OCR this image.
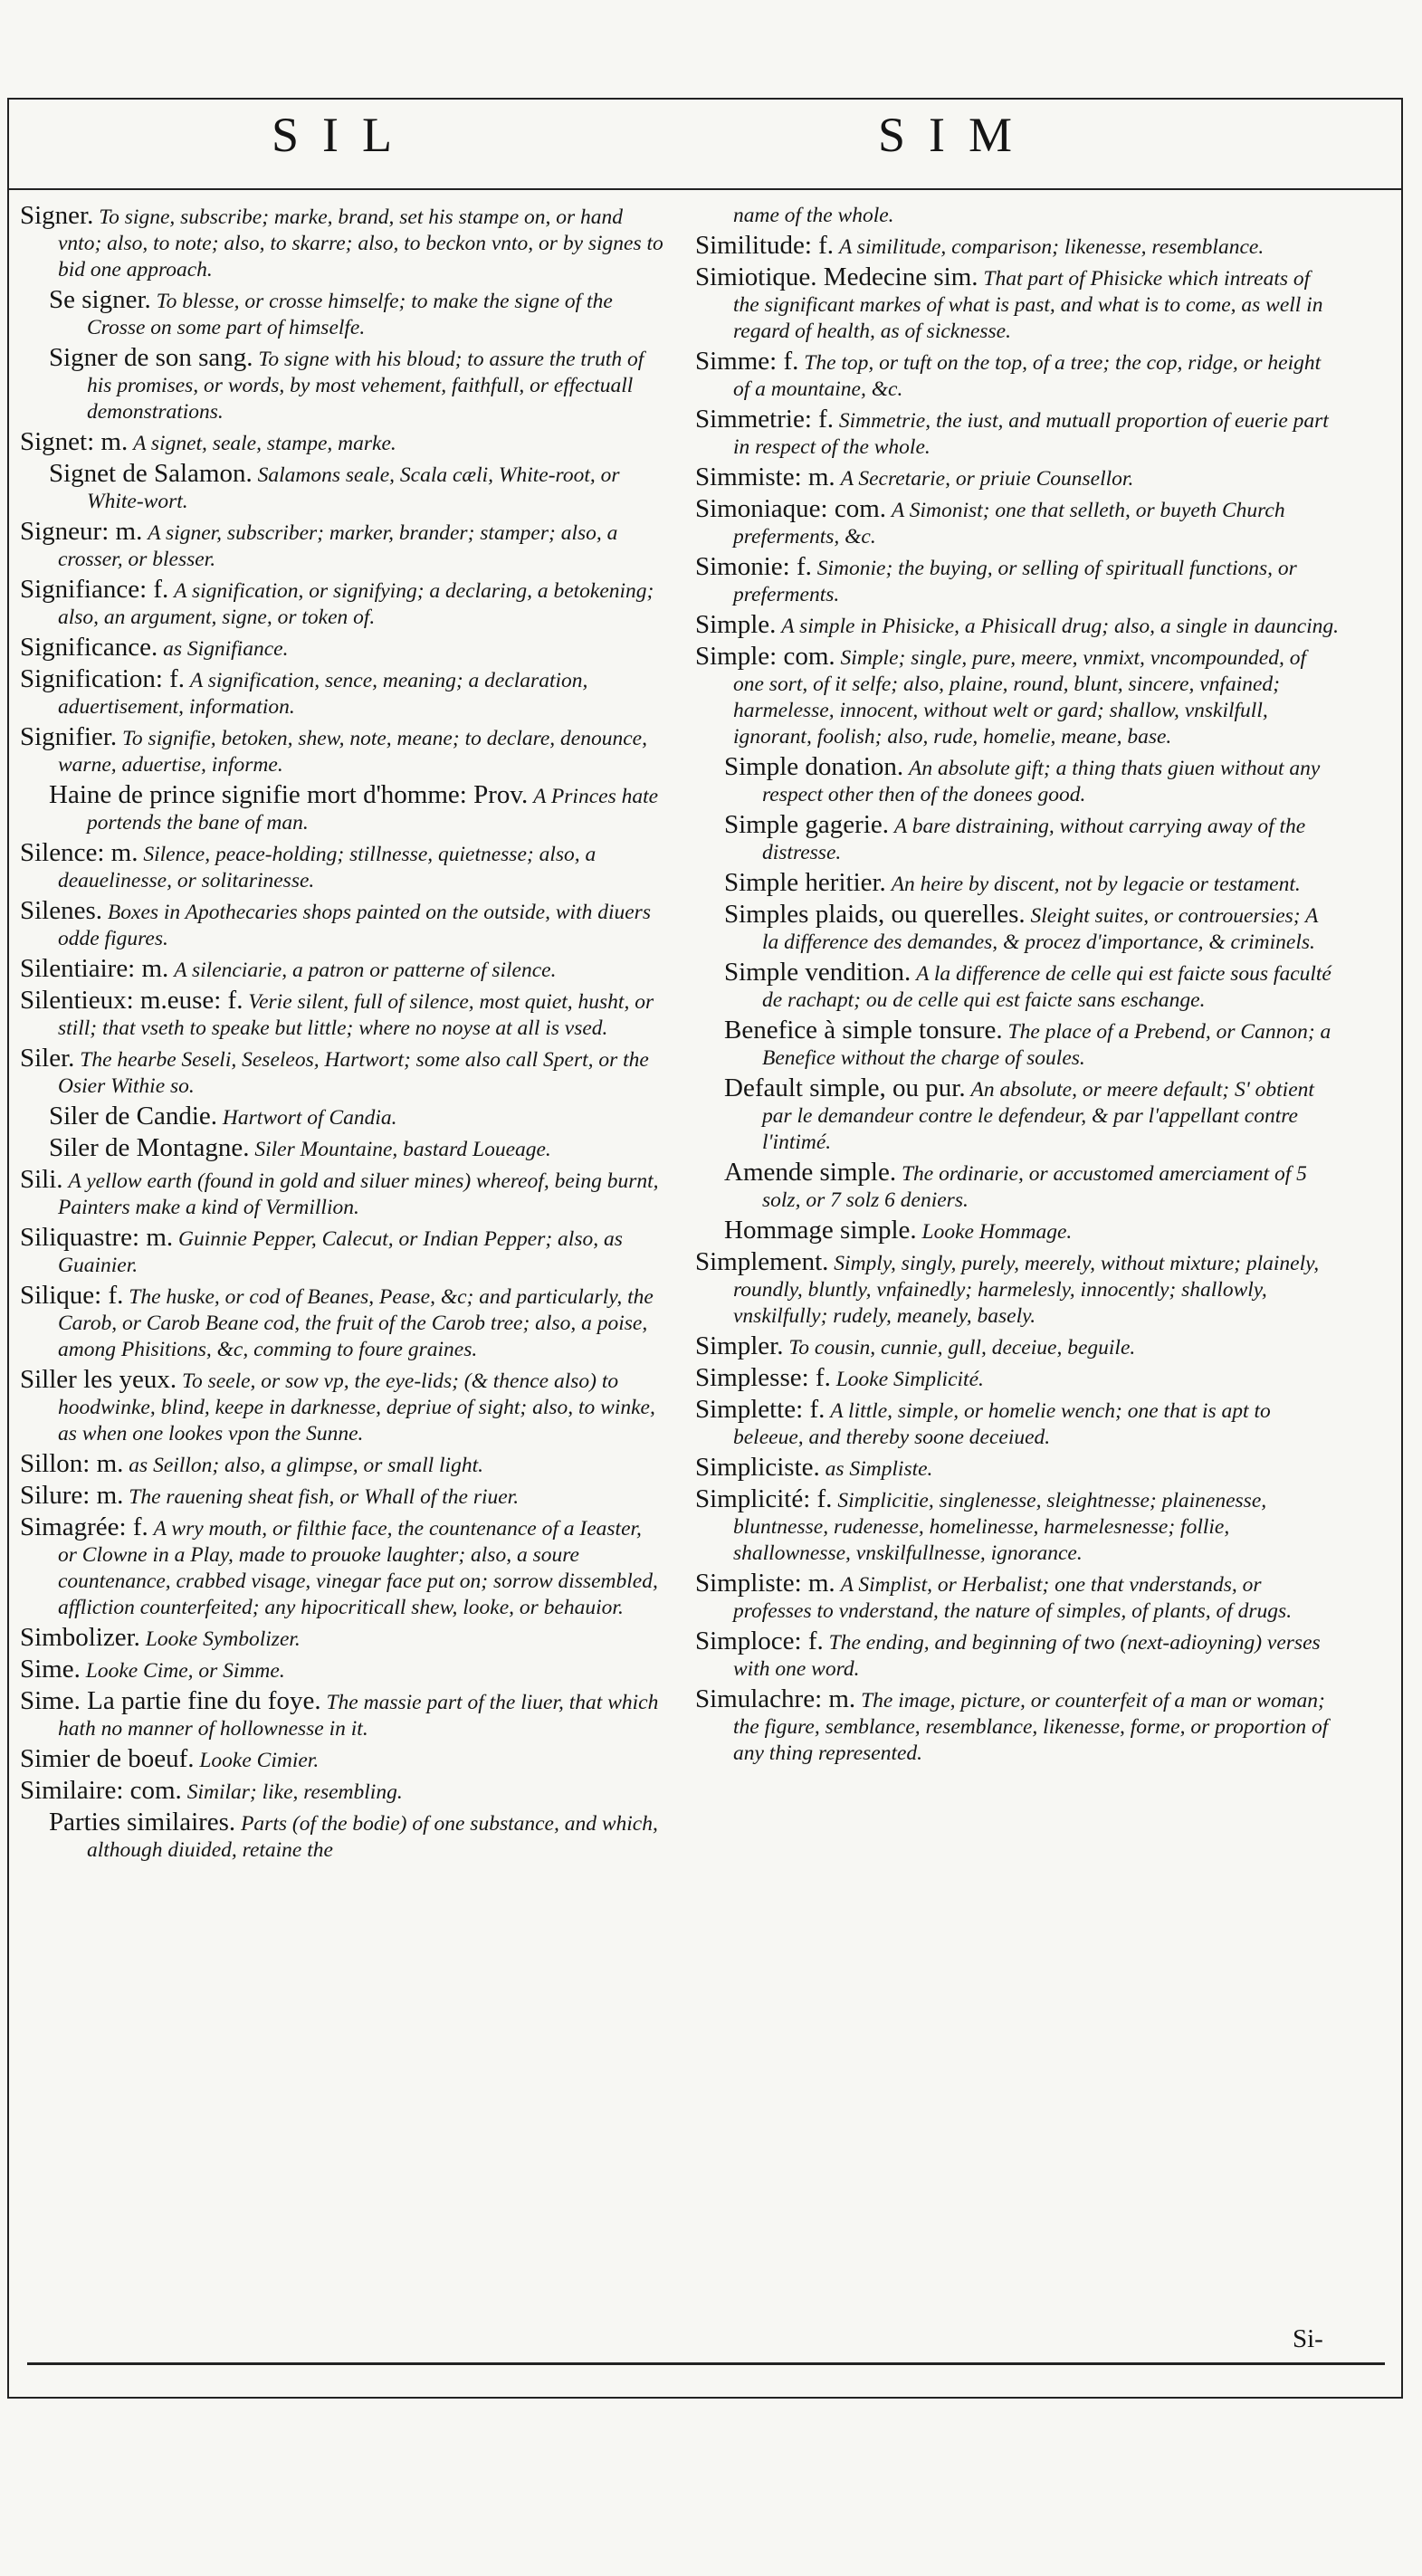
SIL	SIM

Signer. To signe, subscribe; marke, brand, set his stampe on, or hand vnto; also, to note; also, to skarre; also, to beckon vnto, or by signes to bid one approach.

Se signer. To blesse, or crosse himselfe; to make the signe of the Crosse on some part of himselfe.

Signer de son sang. To signe with his bloud; to assure the truth of his promises, or words, by most vehement, faithfull, or effectuall demonstrations.

Signet: m. A signet, seale, stampe, marke.

Signet de Salamon. Salamons seale, Scala cæli, White-root, or White-wort.

Signeur: m. A signer, subscriber; marker, brander; stamper; also, a crosser, or blesser.

Signifiance: f. A signification, or signifying; a declaring, a betokening; also, an argument, signe, or token of.

Significance. as Signifiance.

Signification: f. A signification, sence, meaning; a declaration, aduertisement, information.

Signifier. To signifie, betoken, shew, note, meane; to declare, denounce, warne, aduertise, informe.

Haine de prince signifie mort d'homme: Prov. A Princes hate portends the bane of man.

Silence: m. Silence, peace-holding; stillnesse, quietnesse; also, a deauelinesse, or solitarinesse.

Silenes. Boxes in Apothecaries shops painted on the outside, with diuers odde figures.

Silentiaire: m. A silenciarie, a patron or patterne of silence.

Silentieux: m.euse: f. Verie silent, full of silence, most quiet, husht, or still; that vseth to speake but little; where no noyse at all is vsed.

Siler. The hearbe Seseli, Seseleos, Hartwort; some also call Spert, or the Osier Withie so.

Siler de Candie. Hartwort of Candia.

Siler de Montagne. Siler Mountaine, bastard Loueage.

Sili. A yellow earth (found in gold and siluer mines) whereof, being burnt, Painters make a kind of Vermillion.

Siliquastre: m. Guinnie Pepper, Calecut, or Indian Pepper; also, as Guainier.

Silique: f. The huske, or cod of Beanes, Pease, &c; and particularly, the Carob, or Carob Beane cod, the fruit of the Carob tree; also, a poise, among Phisitions, &c, comming to foure graines.

Siller les yeux. To seele, or sow vp, the eye-lids; (& thence also) to hoodwinke, blind, keepe in darknesse, depriue of sight; also, to winke, as when one lookes vpon the Sunne.

Sillon: m. as Seillon; also, a glimpse, or small light.

Silure: m. The rauening sheat fish, or Whall of the riuer.

Simagrée: f. A wry mouth, or filthie face, the countenance of a Ieaster, or Clowne in a Play, made to prouoke laughter; also, a soure countenance, crabbed visage, vinegar face put on; sorrow dissembled, affliction counterfeited; any hipocriticall shew, looke, or behauior.

Simbolizer. Looke Symbolizer.

Sime. Looke Cime, or Simme.

Sime. La partie fine du foye. The massie part of the liuer, that which hath no manner of hollownesse in it.

Simier de boeuf. Looke Cimier.

Similaire: com. Similar; like, resembling.

Parties similaires. Parts (of the bodie) of one substance, and which, although diuided, retaine the

name of the whole.

Similitude: f. A similitude, comparison; likenesse, resemblance.

Simiotique. Medecine sim. That part of Phisicke which intreats of the significant markes of what is past, and what is to come, as well in regard of health, as of sicknesse.

Simme: f. The top, or tuft on the top, of a tree; the cop, ridge, or height of a mountaine, &c.

Simmetrie: f. Simmetrie, the iust, and mutuall proportion of euerie part in respect of the whole.

Simmiste: m. A Secretarie, or priuie Counsellor.

Simoniaque: com. A Simonist; one that selleth, or buyeth Church preferments, &c.

Simonie: f. Simonie; the buying, or selling of spirituall functions, or preferments.

Simple. A simple in Phisicke, a Phisicall drug; also, a single in dauncing.

Simple: com. Simple; single, pure, meere, vnmixt, vncompounded, of one sort, of it selfe; also, plaine, round, blunt, sincere, vnfained; harmelesse, innocent, without welt or gard; shallow, vnskilfull, ignorant, foolish; also, rude, homelie, meane, base.

Simple donation. An absolute gift; a thing thats giuen without any respect other then of the donees good.

Simple gagerie. A bare distraining, without carrying away of the distresse.

Simple heritier. An heire by discent, not by legacie or testament.

Simples plaids, ou querelles. Sleight suites, or controuersies; A la difference des demandes, & procez d'importance, & criminels.

Simple vendition. A la difference de celle qui est faicte sous faculté de rachapt; ou de celle qui est faicte sans eschange.

Benefice à simple tonsure. The place of a Prebend, or Cannon; a Benefice without the charge of soules.

Default simple, ou pur. An absolute, or meere default; S' obtient par le demandeur contre le defendeur, & par l'appellant contre l'intimé.

Amende simple. The ordinarie, or accustomed amerciament of 5 solz, or 7 solz 6 deniers.

Hommage simple. Looke Hommage.

Simplement. Simply, singly, purely, meerely, without mixture; plainely, roundly, bluntly, vnfainedly; harmelesly, innocently; shallowly, vnskilfully; rudely, meanely, basely.

Simpler. To cousin, cunnie, gull, deceiue, beguile.

Simplesse: f. Looke Simplicité.

Simplette: f. A little, simple, or homelie wench; one that is apt to beleeue, and thereby soone deceiued.

Simpliciste. as Simpliste.

Simplicité: f. Simplicitie, singlenesse, sleightnesse; plainenesse, bluntnesse, rudenesse, homelinesse, harmelesnesse; follie, shallownesse, vnskilfullnesse, ignorance.

Simpliste: m. A Simplist, or Herbalist; one that vnderstands, or professes to vnderstand, the nature of simples, of plants, of drugs.

Simploce: f. The ending, and beginning of two (next-adioyning) verses with one word.

Simulachre: m. The image, picture, or counterfeit of a man or woman; the figure, semblance, resemblance, likenesse, forme, or proportion of any thing represented.

Si-
